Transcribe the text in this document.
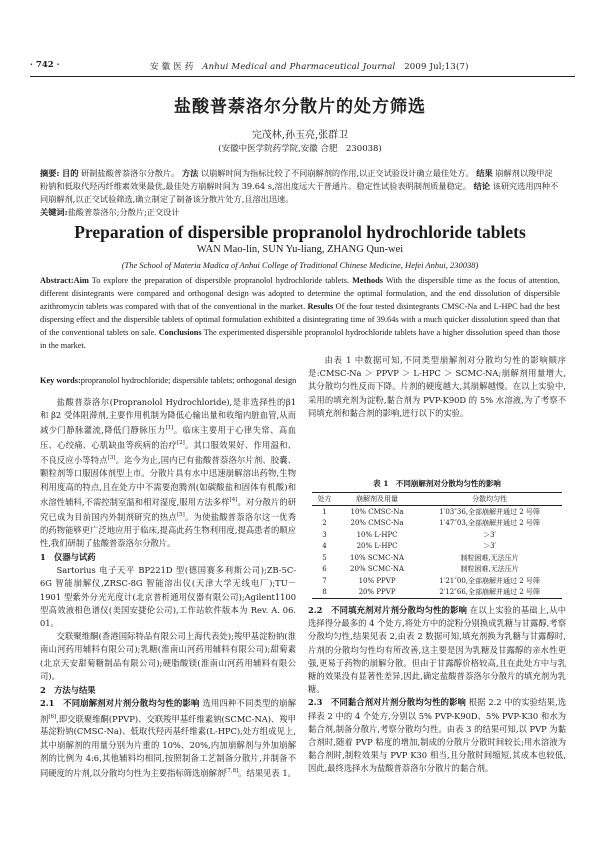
· 742 ·	安 徽 医 药 Anhui Medical and Pharmaceutical Journal 2009 Jul;13(7)
盐酸普萘洛尔分散片的处方筛选
完茂林,孙玉亮,张群卫
(安徽中医学院药学院,安徽 合肥　230038)
摘要: 目的 研制盐酸普萘洛尔分散片。 方法 以崩解时间为指标比较了不同崩解剂的作用,以正交试验设计确立最佳处方。 结果 崩解剂以羧甲淀粉钠和低取代羟丙纤维素效果最优,最佳处方崩解时间为 39.64 s,溶出度远大于普通片。稳定性试验表明制剂质量稳定。 结论 该研究选用四种不同崩解剂,以正交试验筛选,确立制定了制备该分散片处方,且溶出迅速。
关键词:盐酸普萘洛尔;分散片;正交设计
Preparation of dispersible propranolol hydrochloride tablets
WAN Mao-lin, SUN Yu-liang, ZHANG Qun-wei
(The School of Materia Madica of Anhui College of Traditional Chinese Medicine, Hefei Anhui, 230038)
Abstract:Aim To explore the preparation of dispersible propranolol hydrochloride tablets. Methods With the dispersible time as the focus of attention, different disintegrants were compared and orthogonal design was adopted to determine the optimal formulation, and the end dissolution of dispersible azithromycin tablets was compared with that of the conventional in the market. Results Of the four tested disintegrants CMSC-Na and L-HPC had the best dispersing effect and the dispersible tablets of optimal formulation exhibited a disintegrating time of 39.64s with a much quicker dissolution speed than that of the conventional tablets on sale. Conclusions The experimented dispersible propranolol hydrochloride tablets have a higher dissolution speed than those in the market.
Key words:propranolol hydrochloride; dispersible tablets; orthogonal design

盐酸普萘洛尔(Propranolol Hydrochloride),是非选择性的β1 和 β2 受体阻滞剂,主要作用机制为降低心输出量和收缩内脏血管,从而减少门静脉灌流,降低门静脉压力[1]。临床主要用于心律失常、高血压、心绞痛、心肌缺血等疾病的治疗[2]。其口服效果好、作用温和、不良反应小等特点[3]。迄今为止,国内已有盐酸普萘洛尔片剂、胶囊、颗粒剂等口服固体剂型上市。分散片具有水中迅速崩解溶出药物,生物利用度高的特点,且在处方中不需要泡腾剂(如碳酸盐和固体有机酸)和水溶性辅料,不需控制室温和相对湿度,服用方法多样[4]。对分散片的研究已成为目前国内外制剂研究的热点[5]。为使盐酸普萘洛尔这一优秀的药物能够更广泛地应用于临床,提高此药生物利用度,提高患者的顺应性,我们研制了盐酸普萘洛尔分散片。

1　仪器与试药

Sartorius 电子天平 BP221D 型(德国赛多利斯公司);ZB-5C-6G 智能崩解仪,ZRSC-8G 智能溶出仪(天津大学无线电厂);TU－1901 型紫外分光光度计(北京普析通用仪器有限公司);Agilent1100 型高效液相色谱仪(美国安捷伦公司),工作站软件版本为 Rev. A. 06. 01。

交联聚维酮(香港国际特品有限公司上海代表处);羧甲基淀粉钠(淮南山河药用辅料有限公司);乳糖(淮南山河药用辅料有限公司);甜菊素(北京天安甜菊糖制品有限公司);硬脂酸镁(淮南山河药用辅料有限公司)。

2　方法与结果

2.1　不同崩解剂对片剂分散均匀性的影响 选用四种不同类型的崩解剂[6],即交联聚维酮(PPVP)、交联羧甲基纤维素钠(SCMC-NA)、羧甲基淀粉钠(CMSC-Na)、低取代羟丙基纤维素(L-HPC),处方组成见上,其中崩解剂的用量分别为片重的 10%、20%,内加崩解剂与外加崩解剂的比例为 4:6,其他辅料均相同,按照制备工艺制备分散片,并制备不同硬度的片剂,以分散均匀性为主要指标筛选崩解剂[7,8]。结果见表 1。

由表 1 中数据可知,不同类型崩解剂对分散均匀性的影响顺序是:CMSC-Na ＞ PPVP ＞ L-HPC ＞ SCMC-NA;崩解剂用量增大,其分散均匀性反而下降。片剂的硬度越大,其崩解越慢。在以上实验中,采用的填充剂为淀粉,黏合剂为 PVP-K90D 的 5% 水溶液,为了考察不同填充剂和黏合剂的影响,进行以下的实验。

表 1　不同崩解剂对分散均匀性的影响
处方	崩解剂及用量	分散均匀性
1	10% CMSC-Na	1′03″36,全部崩解并通过 2 号筛
2	20% CMSC-Na	1′47″03,全部崩解并通过 2 号筛
3	10% L-HPC	＞3′
4	20% L-HPC	＞3′
5	10% SCMC-NA	制粒困难,无法压片
6	20% SCMC-NA	制粒困难,无法压片
7	10% PPVP	1′21″00,全部崩解并通过 2 号筛
8	20% PPVP	2′12″66,全部崩解并通过 2 号筛

2.2　不同填充剂对片剂分散均匀性的影响 在以上实验的基础上,从中选择得分最多的 4 个处方,将处方中的淀粉分别换成乳糖与甘露醇,考察分散均匀性,结果见表 2,由表 2 数据可知,填充剂换为乳糖与甘露醇时,片剂的分散均匀性均有所改善,这主要是因为乳糖及甘露醇的亲水性更强,更易于药物的崩解分散。但由于甘露醇价格较高,且在此处方中与乳糖的效果没有显著性差异,因此,确定盐酸普萘洛尔分散片的填充剂为乳糖。

2.3　不同黏合剂对片剂分散均匀性的影响 根据 2.2 中的实验结果,选择表 2 中的 4 个处方,分别以 5% PVP-K90D、5% PVP-K30 和水为黏合剂,制备分散片,考察分散均匀性。由表 3 的结果可知,以 PVP 为黏合剂时,随着 PVP 粘度的增加,制成的分散片分散时间较长;用水溶液为黏合剂时,制粒效果与 PVP K30 相当,且分散时间缩短,其成本也较低,因此,最终选择水为盐酸普萘洛尔分散片的黏合剂。
